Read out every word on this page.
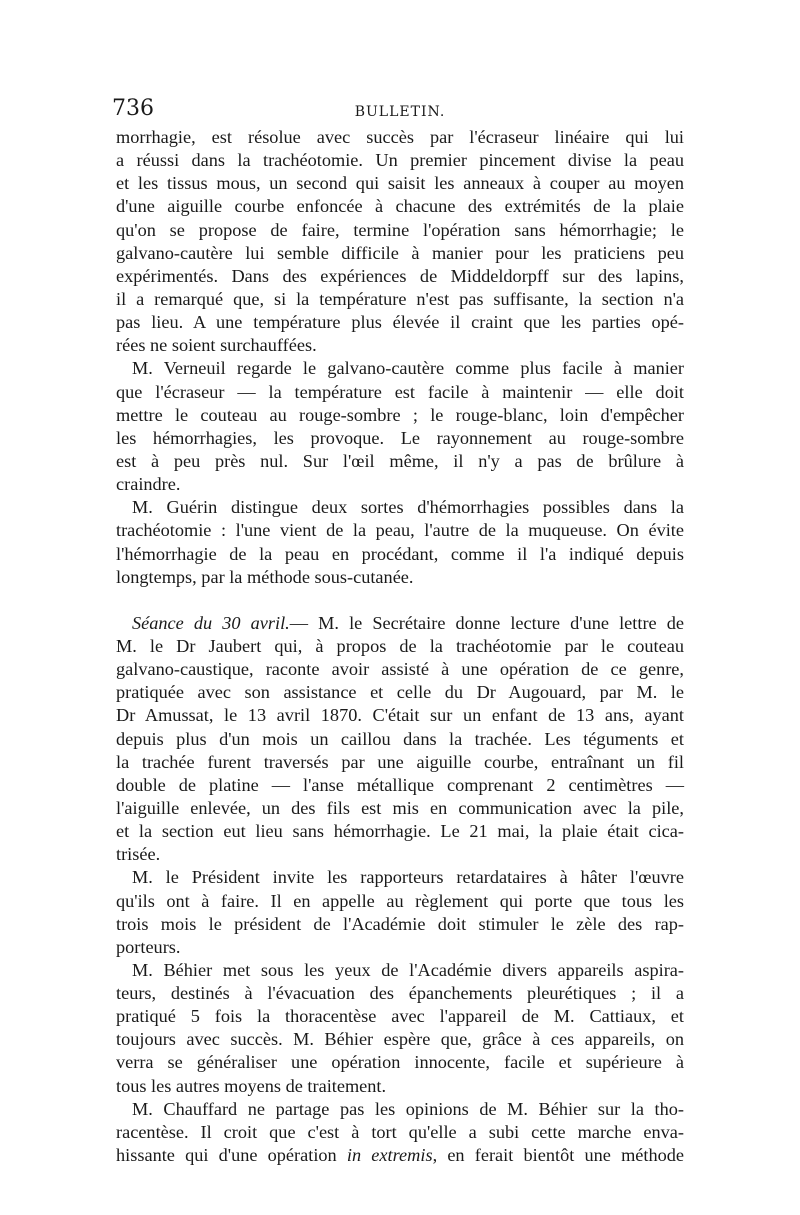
736	BULLETIN.
morrhagie, est résolue avec succès par l'écraseur linéaire qui lui
a réussi dans la trachéotomie. Un premier pincement divise la peau
et les tissus mous, un second qui saisit les anneaux à couper au moyen
d'une aiguille courbe enfoncée à chacune des extrémités de la plaie
qu'on se propose de faire, termine l'opération sans hémorrhagie; le
galvano-cautère lui semble difficile à manier pour les praticiens peu
expérimentés. Dans des expériences de Middeldorpff sur des lapins,
il a remarqué que, si la température n'est pas suffisante, la section n'a
pas lieu. A une température plus élevée il craint que les parties opé-
rées ne soient surchauffées.
M. Verneuil regarde le galvano-cautère comme plus facile à manier
que l'écraseur — la température est facile à maintenir — elle doit
mettre le couteau au rouge-sombre ; le rouge-blanc, loin d'empêcher
les hémorrhagies, les provoque. Le rayonnement au rouge-sombre
est à peu près nul. Sur l'œil même, il n'y a pas de brûlure à
craindre.
M. Guérin distingue deux sortes d'hémorrhagies possibles dans la
trachéotomie : l'une vient de la peau, l'autre de la muqueuse. On évite
l'hémorrhagie de la peau en procédant, comme il l'a indiqué depuis
longtemps, par la méthode sous-cutanée.
Séance du 30 avril.— M. le Secrétaire donne lecture d'une lettre de
M. le Dr Jaubert qui, à propos de la trachéotomie par le couteau
galvano-caustique, raconte avoir assisté à une opération de ce genre,
pratiquée avec son assistance et celle du Dr Augouard, par M. le
Dr Amussat, le 13 avril 1870. C'était sur un enfant de 13 ans, ayant
depuis plus d'un mois un caillou dans la trachée. Les téguments et
la trachée furent traversés par une aiguille courbe, entraînant un fil
double de platine — l'anse métallique comprenant 2 centimètres —
l'aiguille enlevée, un des fils est mis en communication avec la pile,
et la section eut lieu sans hémorrhagie. Le 21 mai, la plaie était cica-
trisée.
M. le Président invite les rapporteurs retardataires à hâter l'œuvre
qu'ils ont à faire. Il en appelle au règlement qui porte que tous les
trois mois le président de l'Académie doit stimuler le zèle des rap-
porteurs.
M. Béhier met sous les yeux de l'Académie divers appareils aspira-
teurs, destinés à l'évacuation des épanchements pleurétiques ; il a
pratiqué 5 fois la thoracentèse avec l'appareil de M. Cattiaux, et
toujours avec succès. M. Béhier espère que, grâce à ces appareils, on
verra se généraliser une opération innocente, facile et supérieure à
tous les autres moyens de traitement.
M. Chauffard ne partage pas les opinions de M. Béhier sur la tho-
racentèse. Il croit que c'est à tort qu'elle a subi cette marche enva-
hissante qui d'une opération in extremis, en ferait bientôt une méthode
